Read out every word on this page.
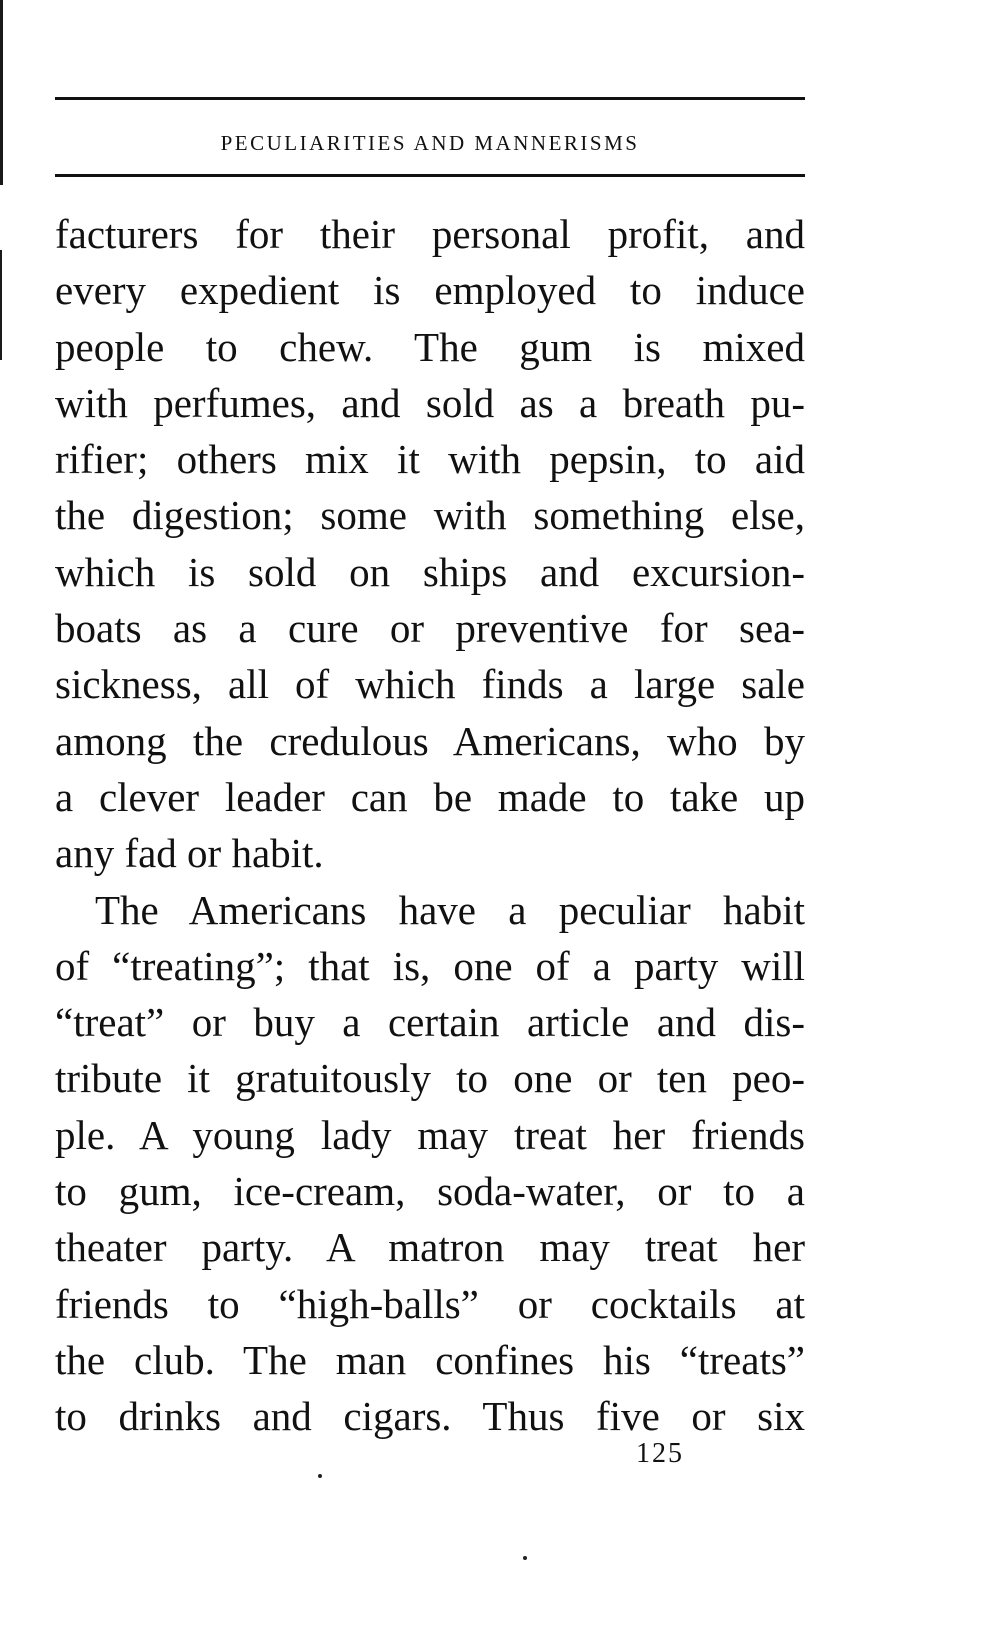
PECULIARITIES AND MANNERISMS
facturers for their personal profit, and
every expedient is employed to induce
people to chew. The gum is mixed
with perfumes, and sold as a breath pu-
rifier; others mix it with pepsin, to aid
the digestion; some with something else,
which is sold on ships and excursion-
boats as a cure or preventive for sea-
sickness, all of which finds a large sale
among the credulous Americans, who by
a clever leader can be made to take up
any fad or habit.
The Americans have a peculiar habit
of “treating”; that is, one of a party will
“treat” or buy a certain article and dis-
tribute it gratuitously to one or ten peo-
ple. A young lady may treat her friends
to gum, ice-cream, soda-water, or to a
theater party. A matron may treat her
friends to “high-balls” or cocktails at
the club. The man confines his “treats”
to drinks and cigars. Thus five or six
125
